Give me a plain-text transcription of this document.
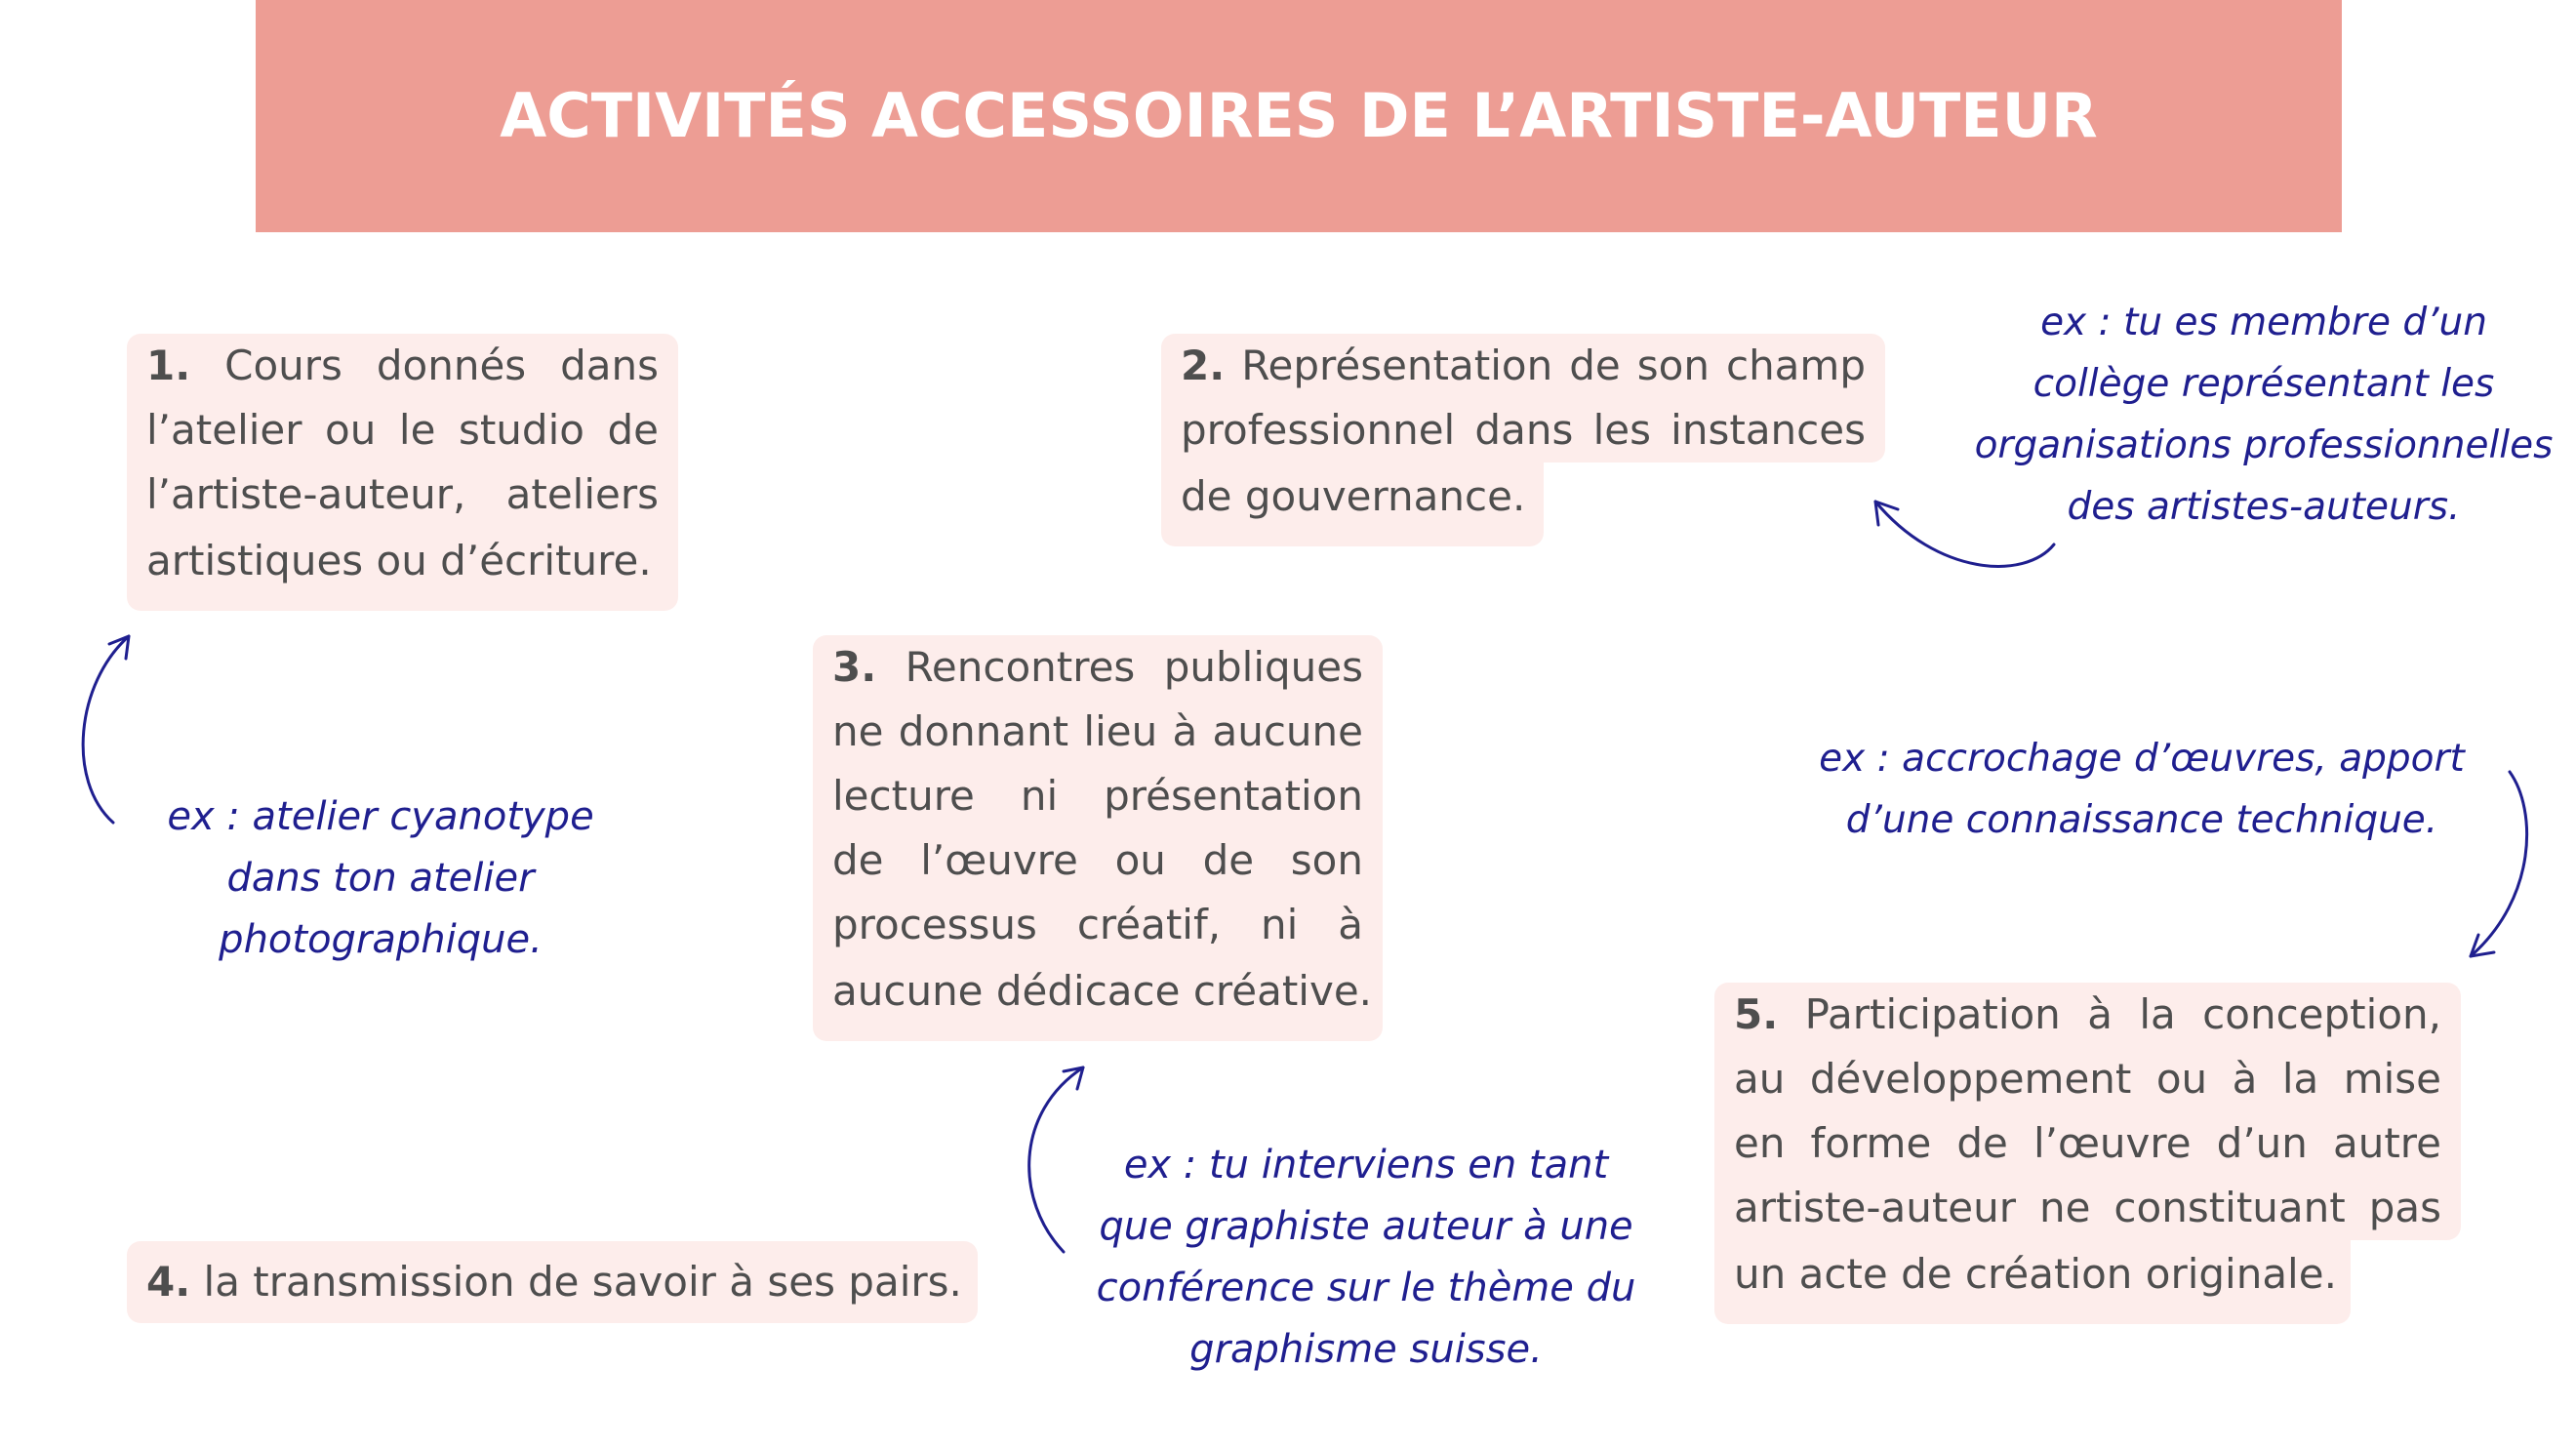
ACTIVITÉS ACCESSOIRES DE L’ARTISTE-AUTEUR
1. Cours donnés dans
l’atelier ou le studio de
l’artiste-auteur, ateliers
artistiques ou d’écriture.
2. Représentation de son champ
professionnel dans les instances
de gouvernance.
3. Rencontres publiques
ne donnant lieu à aucune
lecture ni présentation
de l’œuvre ou de son
processus créatif, ni à
aucune dédicace créative.
4. la transmission de savoir à ses pairs.
5. Participation à la conception,
au développement ou à la mise
en forme de l’œuvre d’un autre
artiste-auteur ne constituant pas
un acte de création originale.
ex : atelier cyanotype
dans ton atelier
photographique.
ex : tu es membre d’un
collège représentant les
organisations professionnelles
des artistes-auteurs.
ex : tu interviens en tant
que graphiste auteur à une
conférence sur le thème du
graphisme suisse.
ex : accrochage d’œuvres, apport
d’une connaissance technique.
